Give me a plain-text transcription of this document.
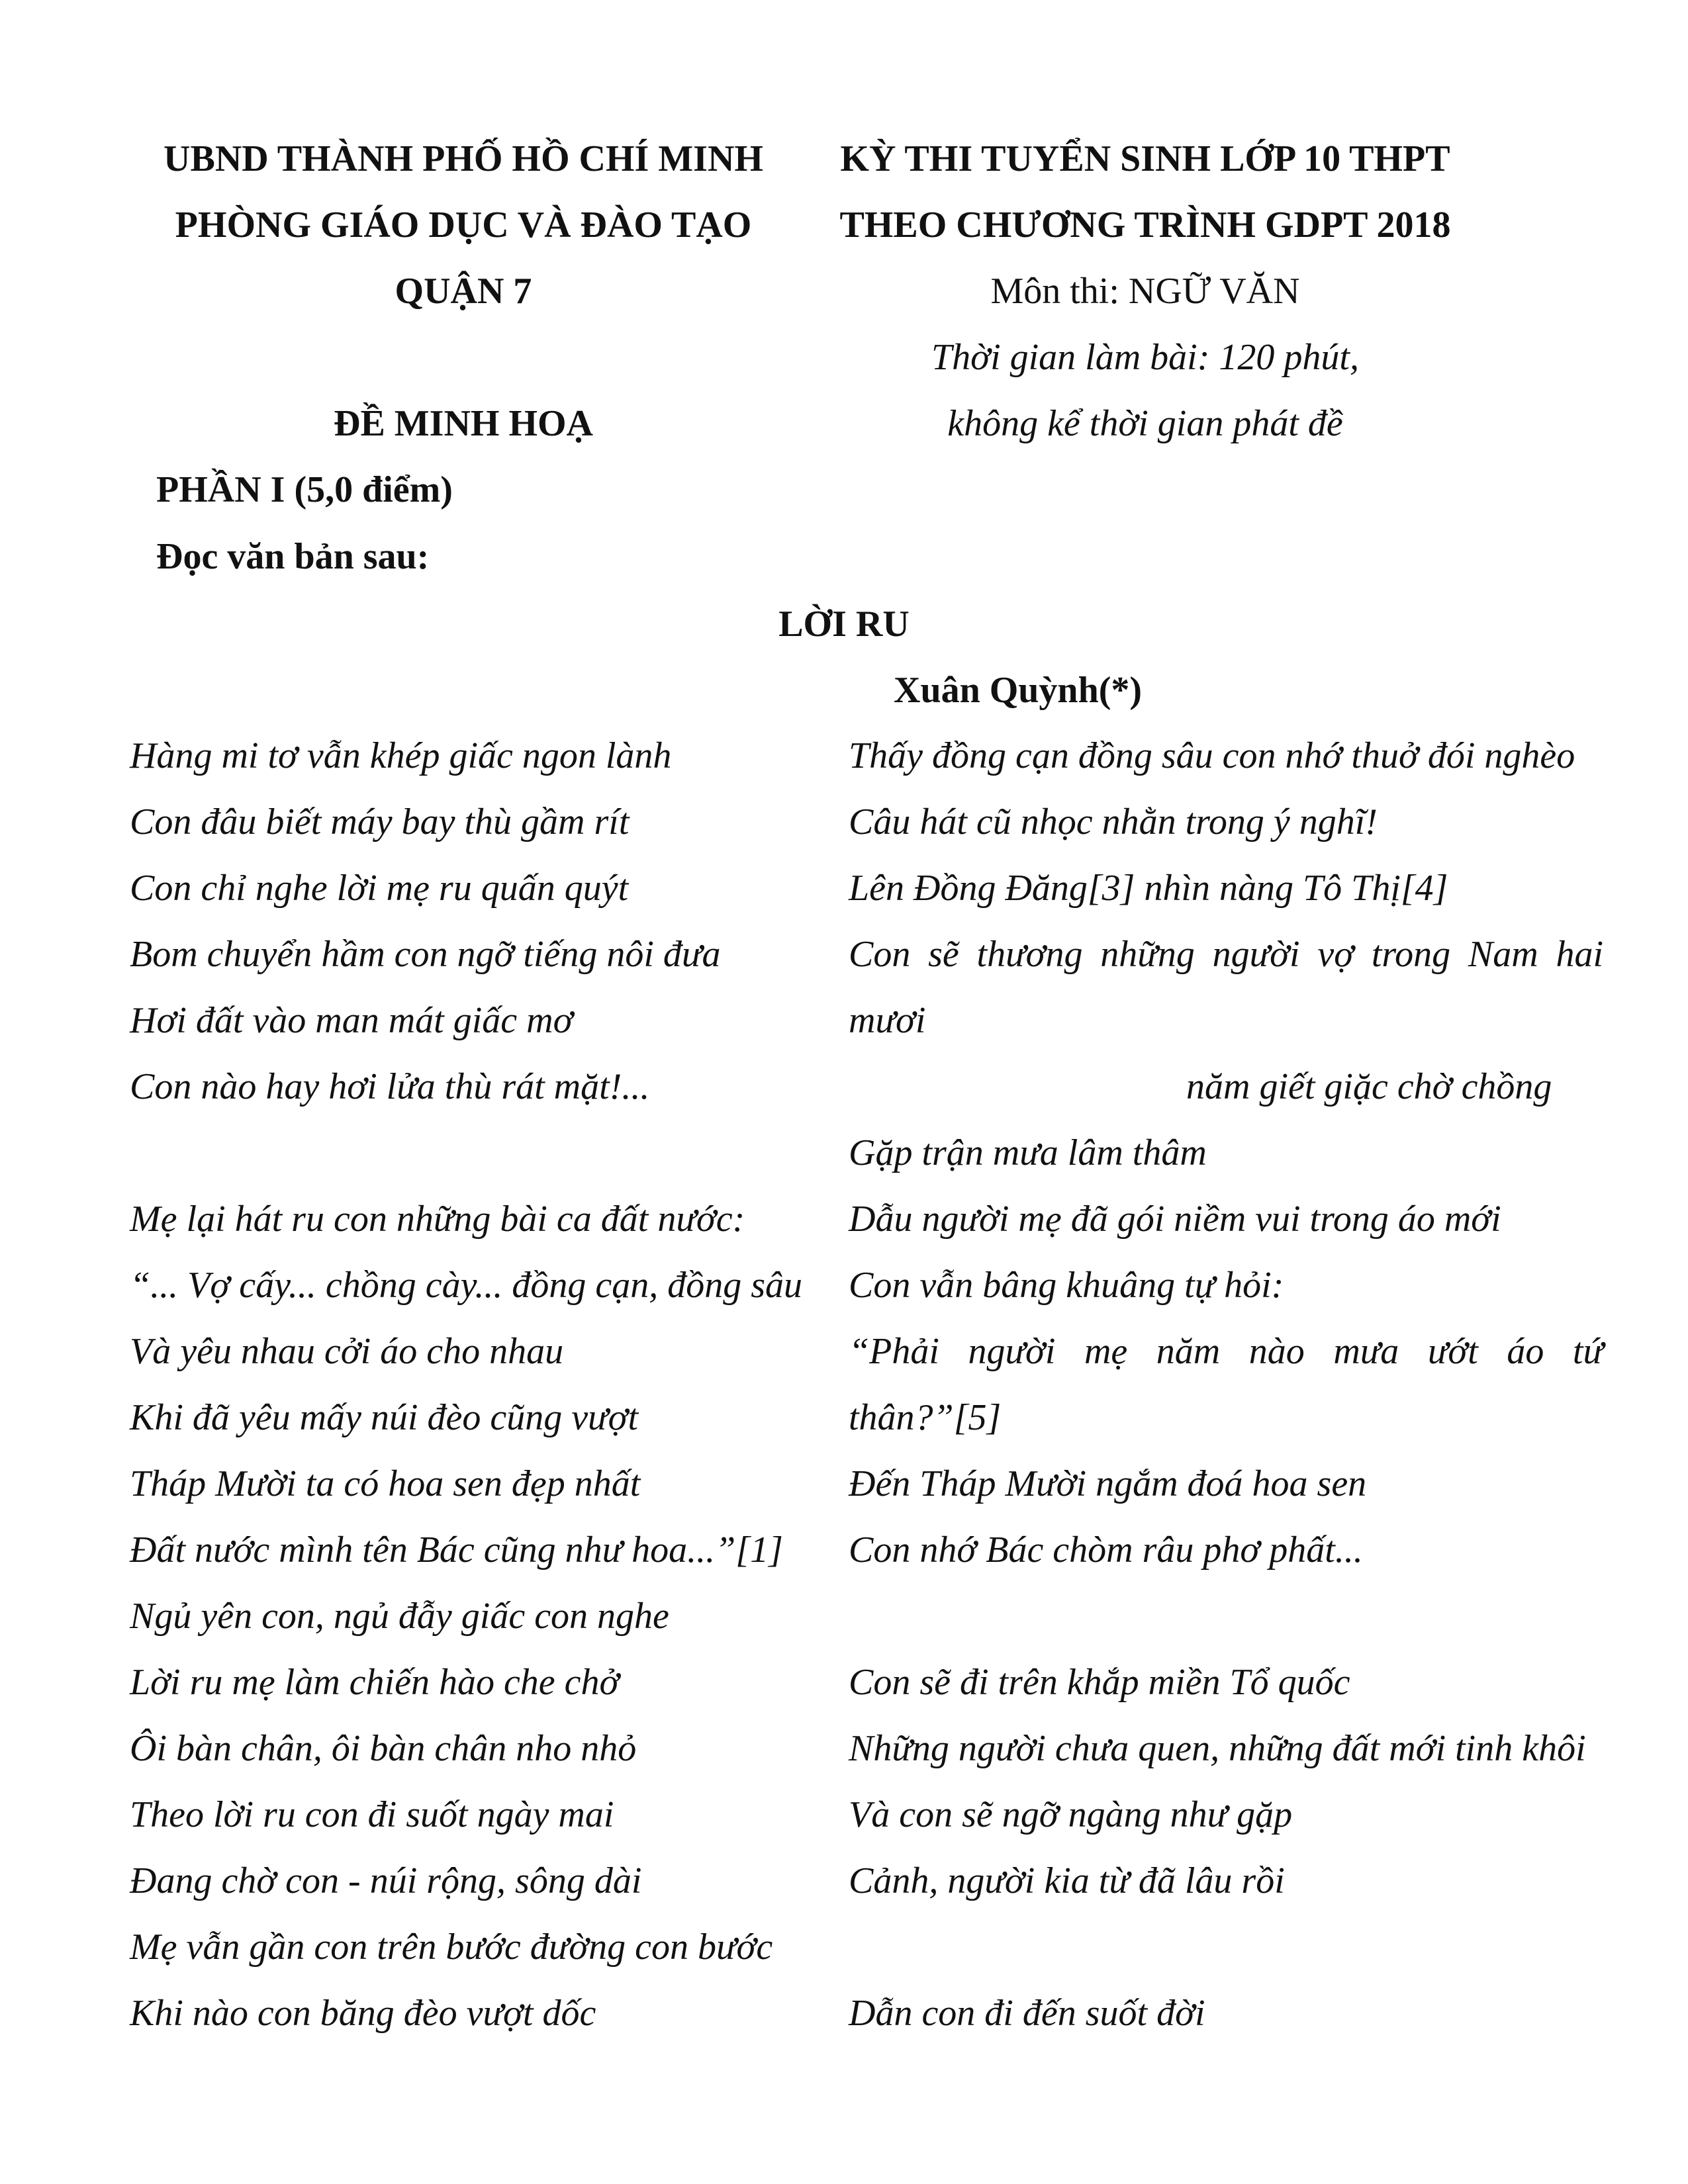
UBND THÀNH PHỐ HỒ CHÍ MINH
PHÒNG GIÁO DỤC VÀ ĐÀO TẠO
QUẬN 7
KỲ THI TUYỂN SINH LỚP 10 THPT
THEO CHƯƠNG TRÌNH GDPT 2018
Môn thi: NGỮ VĂN
Thời gian làm bài: 120 phút,
không kể thời gian phát đề
ĐỀ MINH HOẠ
PHẦN I (5,0 điểm)
Đọc văn bản sau:
LỜI RU
Xuân Quỳnh(*)
Hàng mi tơ vẫn khép giấc ngon lành
Con đâu biết máy bay thù gầm rít
Con chỉ nghe lời mẹ ru quấn quýt
Bom chuyển hầm con ngỡ tiếng nôi đưa
Hơi đất vào man mát giấc mơ
Con nào hay hơi lửa thù rát mặt!...
Mẹ lại hát ru con những bài ca đất nước:
“... Vợ cấy... chồng cày... đồng cạn, đồng sâu
Và yêu nhau cởi áo cho nhau
Khi đã yêu mấy núi đèo cũng vượt
Tháp Mười ta có hoa sen đẹp nhất
Đất nước mình tên Bác cũng như hoa...”[1]
Ngủ yên con, ngủ đẫy giấc con nghe
Lời ru mẹ làm chiến hào che chở
Ôi bàn chân, ôi bàn chân nho nhỏ
Theo lời ru con đi suốt ngày mai
Đang chờ con - núi rộng, sông dài
Mẹ vẫn gần con trên bước đường con bước
Khi nào con băng đèo vượt dốc
Thấy đồng cạn đồng sâu con nhớ thuở đói nghèo
Câu hát cũ nhọc nhằn trong ý nghĩ!
Lên Đồng Đăng[3] nhìn nàng Tô Thị[4]
Con sẽ thương những người vợ trong Nam hai
mươi
năm giết giặc chờ chồng
Gặp trận mưa lâm thâm
Dẫu người mẹ đã gói niềm vui trong áo mới
Con vẫn bâng khuâng tự hỏi:
“Phải người mẹ năm nào mưa ướt áo tứ
thân?”[5]
Đến Tháp Mười ngắm đoá hoa sen
Con nhớ Bác chòm râu phơ phất...
Con sẽ đi trên khắp miền Tổ quốc
Những người chưa quen, những đất mới tinh khôi
Và con sẽ ngỡ ngàng như gặp
Cảnh, người kia từ đã lâu rồi
Dẫn con đi đến suốt đời
